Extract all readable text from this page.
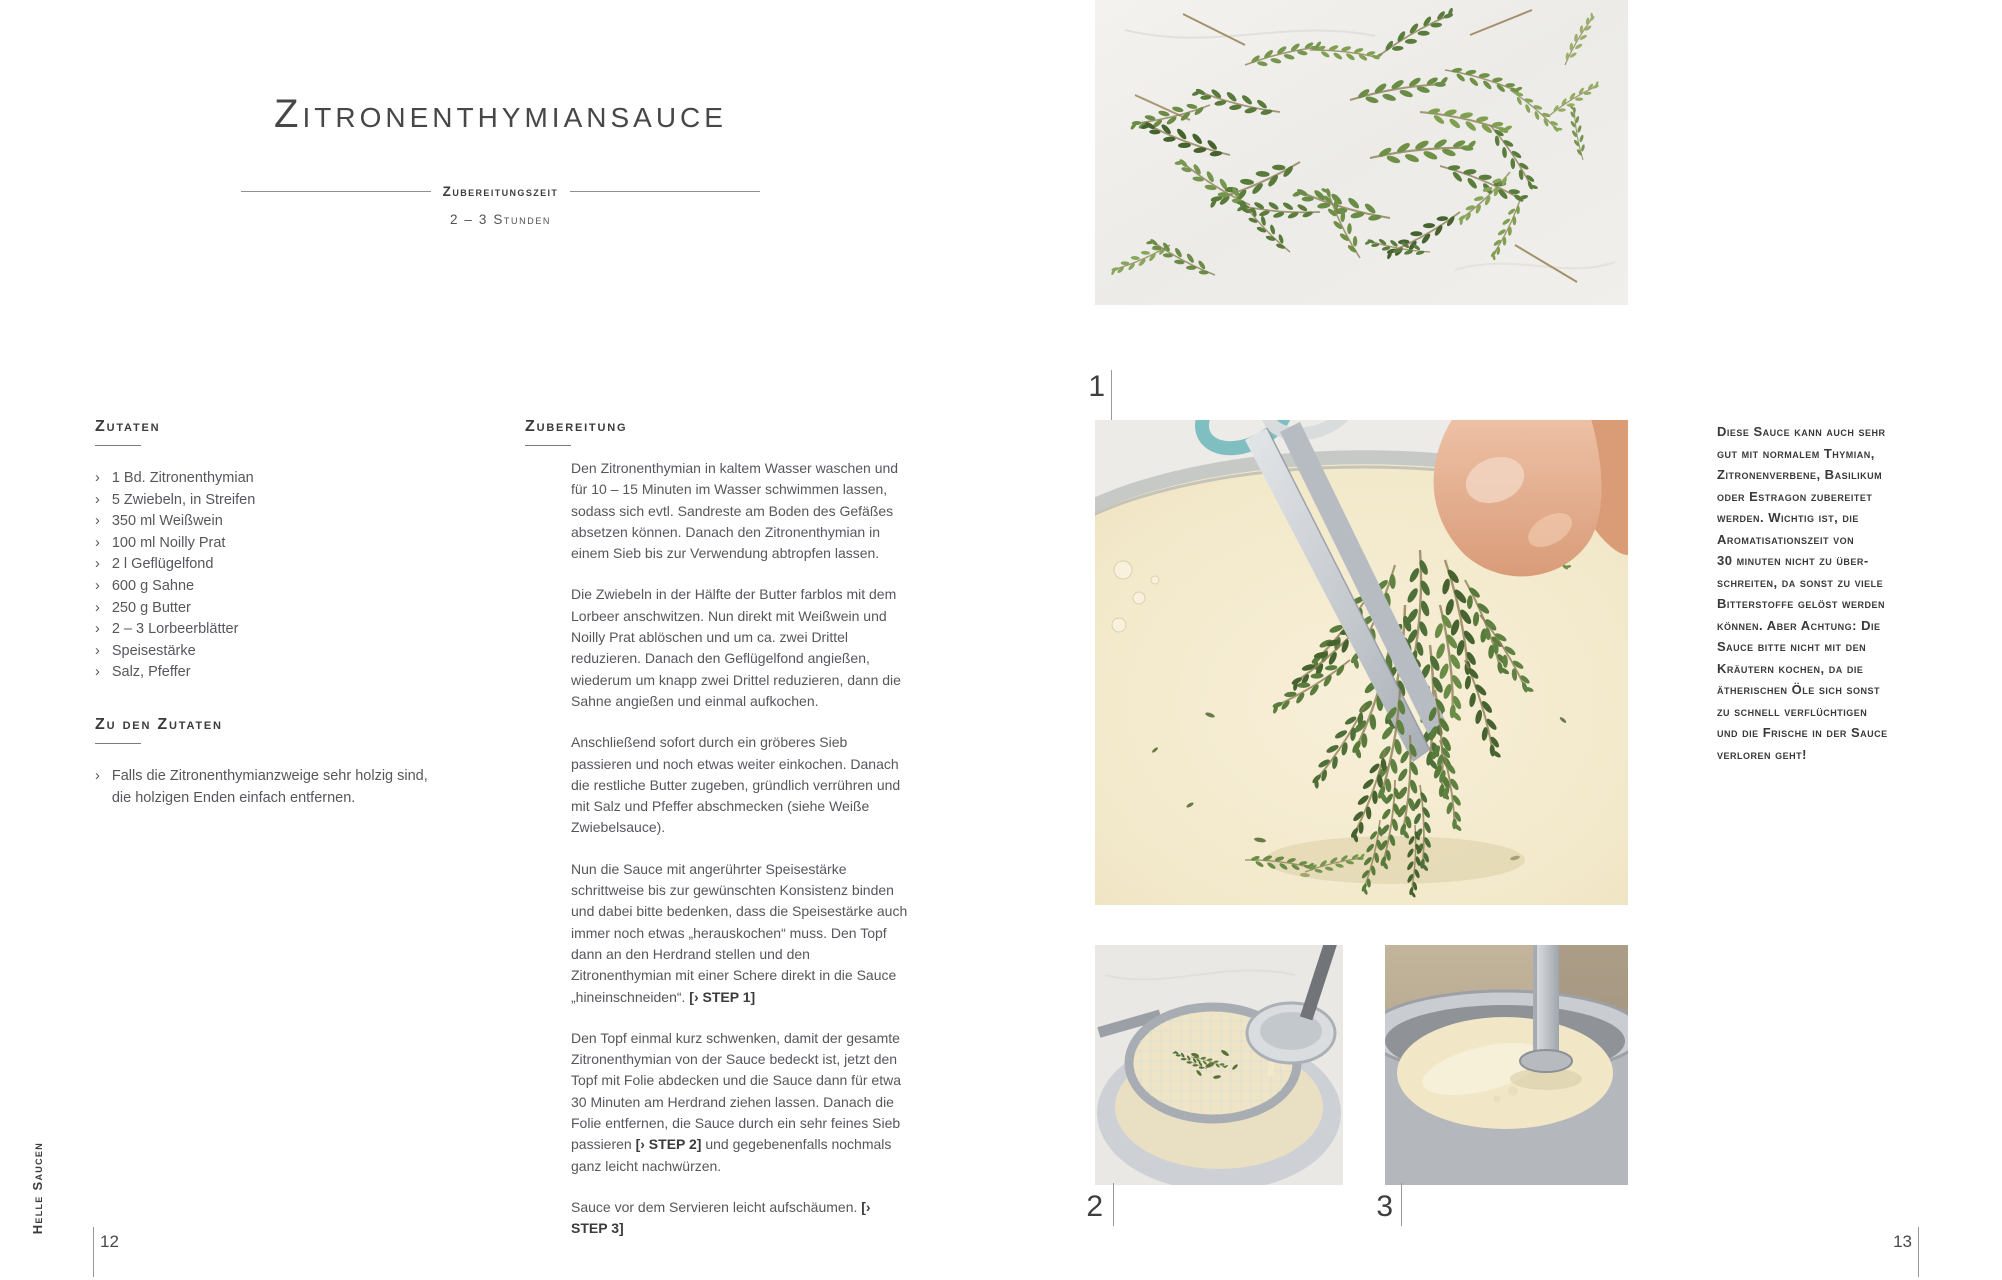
Zitronenthymiansauce
Zubereitungszeit
2 – 3 Stunden
Zutaten
› 1 Bd. Zitronenthymian
› 5 Zwiebeln, in Streifen
› 350 ml Weißwein
› 100 ml Noilly Prat
› 2 l Geflügelfond
› 600 g Sahne
› 250 g Butter
› 2 – 3 Lorbeerblätter
› Speisestärke
› Salz, Pfeffer
Zu den Zutaten
› Falls die Zitronenthymianzweige sehr holzig sind, die holzigen Enden einfach entfernen.
Zubereitung

Den Zitronenthymian in kaltem Wasser waschen und für 10 – 15 Minuten im Wasser schwimmen lassen, sodass sich evtl. Sandreste am Boden des Gefäßes absetzen können. Danach den Zitronenthymian in einem Sieb bis zur Verwendung abtropfen lassen.

Die Zwiebeln in der Hälfte der Butter farblos mit dem Lorbeer anschwitzen. Nun direkt mit Weißwein und Noilly Prat ablöschen und um ca. zwei Drittel reduzieren. Danach den Geflügelfond angießen, wiederum um knapp zwei Drittel reduzieren, dann die Sahne angießen und einmal aufkochen.

Anschließend sofort durch ein gröberes Sieb passieren und noch etwas weiter einkochen. Danach die restliche Butter zugeben, gründlich verrühren und mit Salz und Pfeffer abschmecken (siehe Weiße Zwiebelsauce).

Nun die Sauce mit angerührter Speisestärke schrittweise bis zur gewünschten Konsistenz binden und dabei bitte bedenken, dass die Speisestärke auch immer noch etwas „herauskochen“ muss. Den Topf dann an den Herdrand stellen und den Zitronenthymian mit einer Schere direkt in die Sauce „hineinschneiden“. [› STEP 1]

Den Topf einmal kurz schwenken, damit der gesamte Zitronenthymian von der Sauce bedeckt ist, jetzt den Topf mit Folie abdecken und die Sauce dann für etwa 30 Minuten am Herdrand ziehen lassen. Danach die Folie entfernen, die Sauce durch ein sehr feines Sieb passieren [› STEP 2] und gegebenenfalls nochmals ganz leicht nachwürzen.

Sauce vor dem Servieren leicht aufschäumen. [› STEP 3]

Helle Saucen
12
1
2	3
Diese Sauce kann auch sehr
gut mit normalem Thymian,
Zitronenverbene, Basilikum
oder Estragon zubereitet
werden. Wichtig ist, die
Aromatisationszeit von
30 minuten nicht zu über-
schreiten, da sonst zu viele
Bitterstoffe gelöst werden
können. Aber Achtung: Die
Sauce bitte nicht mit den
Kräutern kochen, da die
ätherischen Öle sich sonst
zu schnell verflüchtigen
und die Frische in der Sauce
verloren geht!
13
